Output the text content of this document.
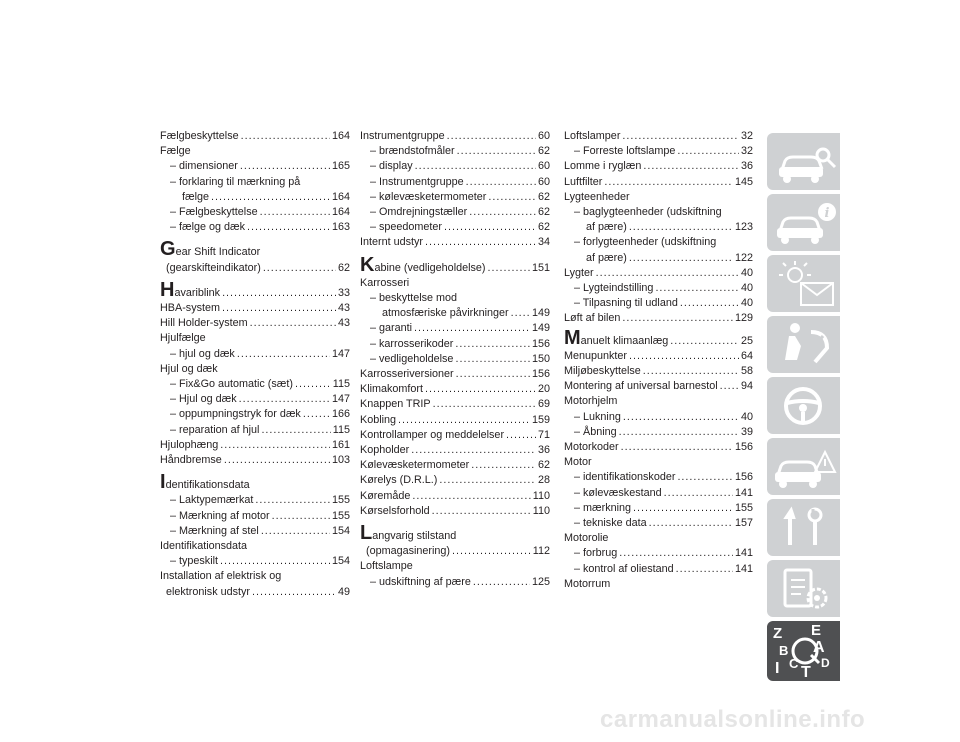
Fælgbeskyttelse .....	164
Fælge
– dimensioner .....	165
– forklaring til mærkning på
fælge .....	164
– Fælgbeskyttelse .....	164
– fælge og dæk .....	163
Gear Shift Indicator
(gearskifteindikator) .....	62
Havariblink .....	33
HBA-system .....	43
Hill Holder-system .....	43
Hjulfælge
– hjul og dæk .....	147
Hjul og dæk
– Fix&Go automatic (sæt) .....	115
– Hjul og dæk .....	147
– oppumpningstryk for dæk .....	166
– reparation af hjul .....	115
Hjulophæng .....	161
Håndbremse .....	103
Identifikationsdata
– Laktypemærkat .....	155
– Mærkning af motor .....	155
– Mærkning af stel .....	154
Identifikationsdata
– typeskilt .....	154
Installation af elektrisk og
elektronisk udstyr .....	49
Instrumentgruppe .....	60
– brændstofmåler .....	62
– display .....	60
– Instrumentgruppe .....	60
– kølevæsketermometer .....	62
– Omdrejningstæller .....	62
– speedometer .....	62
Internt udstyr .....	34
Kabine (vedligeholdelse) .....	151
Karrosseri
– beskyttelse mod
atmosfæriske påvirkninger ..... 149
– garanti .....	149
– karrosserikoder .....	156
– vedligeholdelse .....	150
Karrosseriversioner .....	156
Klimakomfort .....	20
Knappen TRIP .....	69
Kobling .....	159
Kontrollamper og meddelelser .....	71
Kopholder .....	36
Kølevæsketermometer .....	62
Kørelys (D.R.L.) .....	28
Køremåde .....	110
Kørselsforhold .....	110
Langvarig stilstand
(opmagasinering) .....	112
Loftslampe
– udskiftning af pære .....	125
Loftslamper .....	32
– Forreste loftslampe .....	32
Lomme i ryglæn .....	36
Luftfilter .....	145
Lygteenheder
– baglygteenheder (udskiftning
af pære) .....	123
– forlygteenheder (udskiftning
af pære) .....	122
Lygter .....	40
– Lygteindstilling .....	40
– Tilpasning til udland .....	40
Løft af bilen .....	129
Manuelt klimaanlæg .....	25
Menupunkter .....	64
Miljøbeskyttelse .....	58
Montering af universal barnestol ..... 94
Motorhjelm
– Lukning .....	40
– Åbning .....	39
Motorkoder .....	156
Motor
– identifikationskoder .....	156
– kølevæskestand .....	141
– mærkning .....	155
– tekniske data .....	157
Motorolie
– forbrug .....	141
– kontrol af oliestand .....	141
Motorrum
i
Z E
B A
I C
T
D
carmanualsonline.info
